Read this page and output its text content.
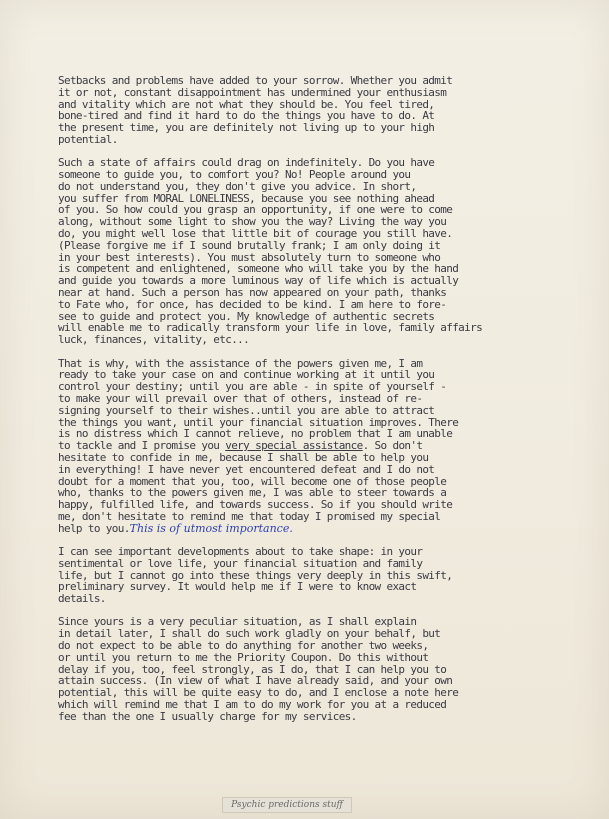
Setbacks and problems have added to your sorrow. Whether you admit
it or not, constant disappointment has undermined your enthusiasm
and vitality which are not what they should be. You feel tired,
bone-tired and find it hard to do the things you have to do. At
the present time, you are definitely not living up to your high
potential.
Such a state of affairs could drag on indefinitely. Do you have
someone to guide you, to comfort you? No! People around you
do not understand you, they don't give you advice. In short,
you suffer from MORAL LONELINESS, because you see nothing ahead
of you. So how could you grasp an opportunity, if one were to come
along, without some light to show you the way? Living the way you
do, you might well lose that little bit of courage you still have.
(Please forgive me if I sound brutally frank; I am only doing it
in your best interests). You must absolutely turn to someone who
is competent and enlightened, someone who will take you by the hand
and guide you towards a more luminous way of life which is actually
near at hand. Such a person has now appeared on your path, thanks
to Fate who, for once, has decided to be kind. I am here to fore-
see to guide and protect you. My knowledge of authentic secrets
will enable me to radically transform your life in love, family affairs
luck, finances, vitality, etc...
That is why, with the assistance of the powers given me, I am
ready to take your case on and continue working at it until you
control your destiny; until you are able - in spite of yourself -
to make your will prevail over that of others, instead of re-
signing yourself to their wishes..until you are able to attract
the things you want, until your financial situation improves. There
is no distress which I cannot relieve, no problem that I am unable
to tackle and I promise you very special assistance. So don't
hesitate to confide in me, because I shall be able to help you
in everything! I have never yet encountered defeat and I do not
doubt for a moment that you, too, will become one of those people
who, thanks to the powers given me, I was able to steer towards a
happy, fulfilled life, and towards success. So if you should write
me, don't hesitate to remind me that today I promised my special
help to you.This is of utmost importance.
I can see important developments about to take shape: in your
sentimental or love life, your financial situation and family
life, but I cannot go into these things very deeply in this swift,
preliminary survey. It would help me if I were to know exact
details.
Since yours is a very peculiar situation, as I shall explain
in detail later, I shall do such work gladly on your behalf, but
do not expect to be able to do anything for another two weeks,
or until you return to me the Priority Coupon. Do this without
delay if you, too, feel strongly, as I do, that I can help you to
attain success. (In view of what I have already said, and your own
potential, this will be quite easy to do, and I enclose a note here
which will remind me that I am to do my work for you at a reduced
fee than the one I usually charge for my services.
Psychic predictions stuff
